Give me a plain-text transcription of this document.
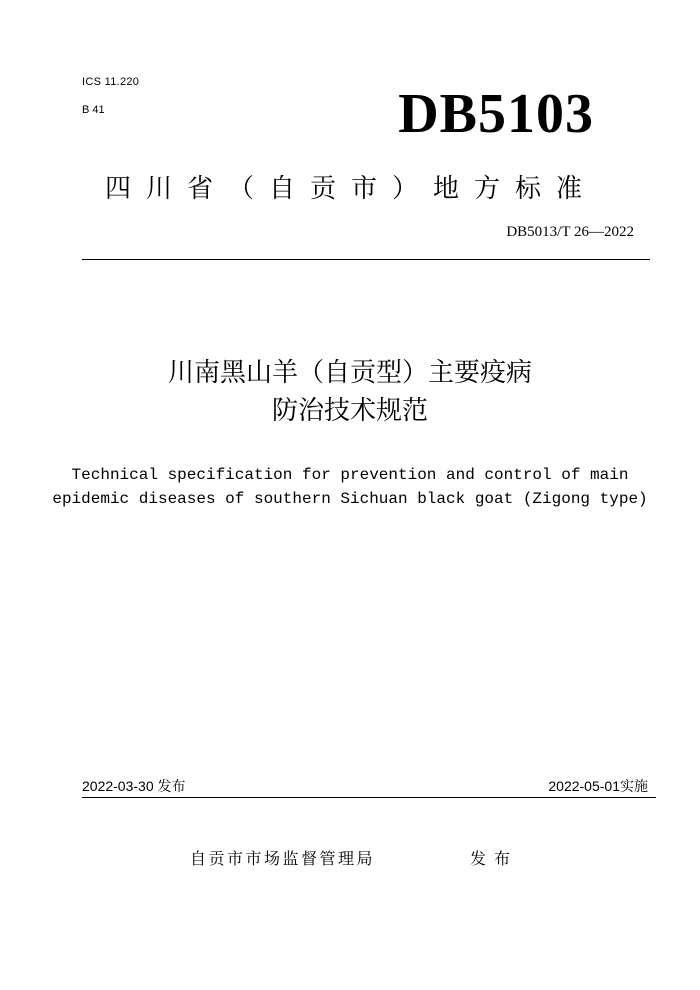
ICS 11.220
B 41	DB5103
四川省（自贡市）地方标准
DB5013/T 26—2022
川南黑山羊（自贡型）主要疫病
防治技术规范
Technical specification for prevention and control of main
epidemic diseases of southern Sichuan black goat (Zigong type)
2022-03-30 发布	2022-05-01实施
自贡市市场监督管理局	发布
